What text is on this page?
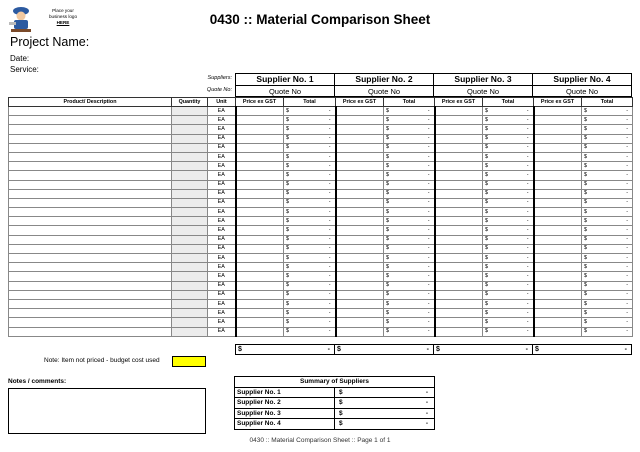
Place your
business logo
HERE	0430 :: Material Comparison Sheet
Project Name:
Date:
Service:
Suppliers:
Quote No:
Supplier No. 1	Supplier No. 2	Supplier No. 3	Supplier No. 4
Quote No	Quote No	Quote No	Quote No
Product/ Description	Quantity	Unit	Price ex GST	Total	Price ex GST	Total	Price ex GST	Total	Price ex GST	Total
		EA		$ -		$ -		$ -		$ -

		EA		$ -		$ -		$ -		$ -

		EA		$ -		$ -		$ -		$ -

		EA		$ -		$ -		$ -		$ -

		EA		$ -		$ -		$ -		$ -

		EA		$ -		$ -		$ -		$ -

		EA		$ -		$ -		$ -		$ -

		EA		$ -		$ -		$ -		$ -

		EA		$ -		$ -		$ -		$ -

		EA		$ -		$ -		$ -		$ -

		EA		$ -		$ -		$ -		$ -

		EA		$ -		$ -		$ -		$ -

		EA		$ -		$ -		$ -		$ -

		EA		$ -		$ -		$ -		$ -

		EA		$ -		$ -		$ -		$ -

		EA		$ -		$ -		$ -		$ -

		EA		$ -		$ -		$ -		$ -

		EA		$ -		$ -		$ -		$ -

		EA		$ -		$ -		$ -		$ -

		EA		$ -		$ -		$ -		$ -

		EA		$ -		$ -		$ -		$ -

		EA		$ -		$ -		$ -		$ -

		EA		$ -		$ -		$ -		$ -

		EA		$ -		$ -		$ -		$ -

		EA		$ -		$ -		$ -		$ -
$	-	$	-	$	-	$	-
Note: Item not priced - budget cost used
Notes / comments:	Summary of Suppliers	
Supplier No. 1	$ -

Supplier No. 2	$ -

Supplier No. 3	$ -

Supplier No. 4	$ -
0430 :: Material Comparison Sheet :: Page 1 of 1
